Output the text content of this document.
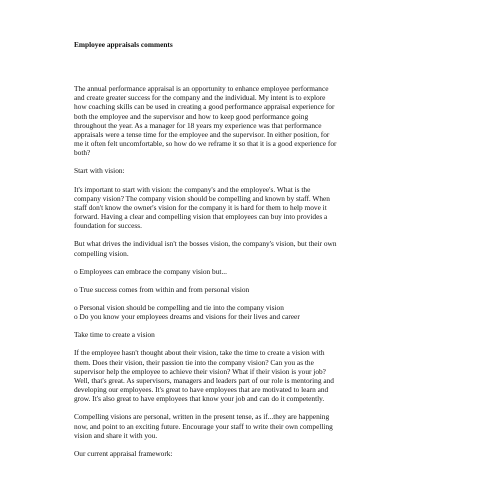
Employee appraisals comments
The annual performance appraisal is an opportunity to enhance employee performance
and create greater success for the company and the individual. My intent is to explore
how coaching skills can be used in creating a good performance appraisal experience for
both the employee and the supervisor and how to keep good performance going
throughout the year. As a manager for 18 years my experience was that performance
appraisals were a tense time for the employee and the supervisor. In either position, for
me it often felt uncomfortable, so how do we reframe it so that it is a good experience for
both?
Start with vision:
It's important to start with vision: the company's and the employee's. What is the
company vision? The company vision should be compelling and known by staff. When
staff don't know the owner's vision for the company it is hard for them to help move it
forward. Having a clear and compelling vision that employees can buy into provides a
foundation for success.
But what drives the individual isn't the bosses vision, the company's vision, but their own
compelling vision.
o Employees can embrace the company vision but...
o True success comes from within and from personal vision
o Personal vision should be compelling and tie into the company vision
o Do you know your employees dreams and visions for their lives and career
Take time to create a vision
If the employee hasn't thought about their vision, take the time to create a vision with
them. Does their vision, their passion tie into the company vision? Can you as the
supervisor help the employee to achieve their vision? What if their vision is your job?
Well, that's great. As supervisors, managers and leaders part of our role is mentoring and
developing our employees. It's great to have employees that are motivated to learn and
grow. It's also great to have employees that know your job and can do it competently.
Compelling visions are personal, written in the present tense, as if...they are happening
now, and point to an exciting future. Encourage your staff to write their own compelling
vision and share it with you.
Our current appraisal framework:
